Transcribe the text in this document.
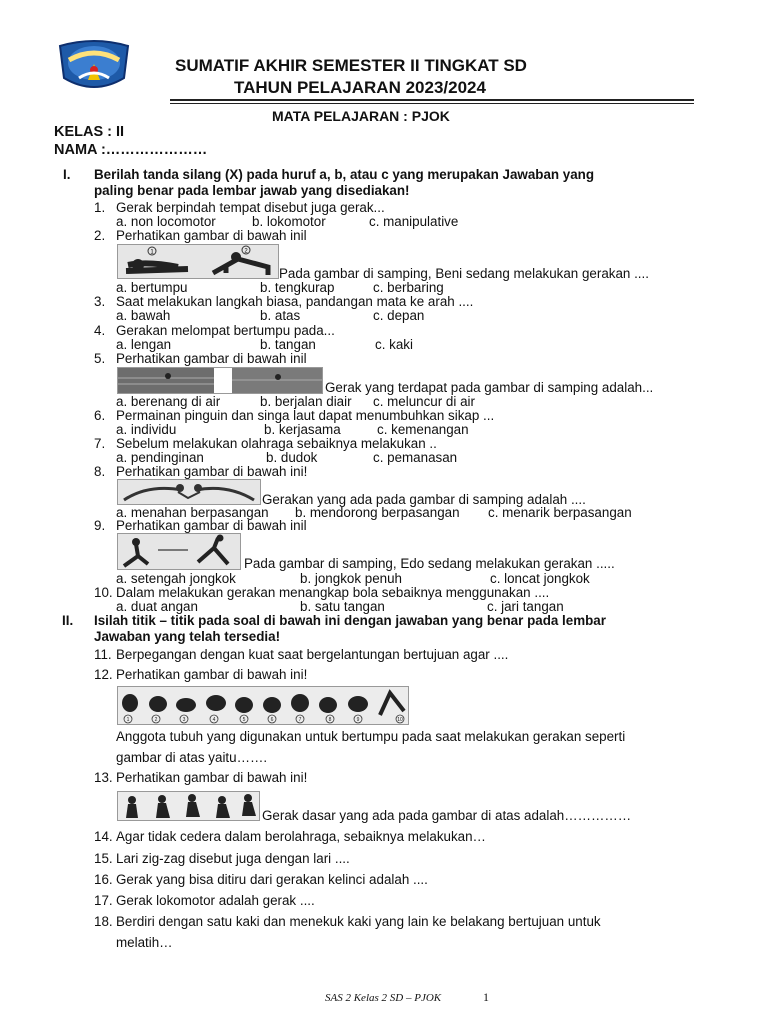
SUMATIF AKHIR SEMESTER II TINGKAT SD
TAHUN PELAJARAN 2023/2024
MATA PELAJARAN : PJOK
KELAS : II
NAMA :…………………
I. Berilah tanda silang (X) pada huruf a, b, atau c yang merupakan Jawaban yang
paling benar pada lembar jawab yang disediakan!
1. Gerak berpindah tempat disebut juga gerak...
a. non locomotor	b. lokomotor	c. manipulative
2. Perhatikan gambar di bawah inil
1	2
Pada gambar di samping, Beni sedang melakukan gerakan ....
a. bertumpu	b. tengkurap	c. berbaring
3. Saat melakukan langkah biasa, pandangan mata ke arah ....
a. bawah	b. atas	c. depan
4. Gerakan melompat bertumpu pada...
a. lengan	b. tangan	c. kaki
5. Perhatikan gambar di bawah inil
Gerak yang terdapat pada gambar di samping adalah...
a. berenang di air	b. berjalan diair c. meluncur di air
6. Permainan pinguin dan singa laut dapat menumbuhkan sikap ...
a. individu	b. kerjasama	c. kemenangan
7. Sebelum melakukan olahraga sebaiknya melakukan ..
a. pendinginan	b. dudok	c. pemanasan
8. Perhatikan gambar di bawah ini!
Gerakan yang ada pada gambar di samping adalah ....
a. menahan berpasangan b. mendorong berpasangan c. menarik berpasangan
9. Perhatikan gambar di bawah inil
Pada gambar di samping, Edo sedang melakukan gerakan .....
a. setengah jongkok	b. jongkok penuh	c. loncat jongkok
10. Dalam melakukan gerakan menangkap bola sebaiknya menggunakan ....
a. duat angan	b. satu tangan	c. jari tangan
II. Isilah titik – titik pada soal di bawah ini dengan jawaban yang benar pada lembar
Jawaban yang telah tersedia!
11. Berpegangan dengan kuat saat bergelantungan bertujuan agar ....
12. Perhatikan gambar di bawah ini!
1	2	3	4	5	6	7	8	9	10
Anggota tubuh yang digunakan untuk bertumpu pada saat melakukan gerakan seperti
gambar di atas yaitu…….
13. Perhatikan gambar di bawah ini!
Gerak dasar yang ada pada gambar di atas adalah……………
14. Agar tidak cedera dalam berolahraga, sebaiknya melakukan…
15. Lari zig-zag disebut juga dengan lari ....
16. Gerak yang bisa ditiru dari gerakan kelinci adalah ....
17. Gerak lokomotor adalah gerak ....
18. Berdiri dengan satu kaki dan menekuk kaki yang lain ke belakang bertujuan untuk
melatih…
SAS 2 Kelas 2 SD – PJOK	1
